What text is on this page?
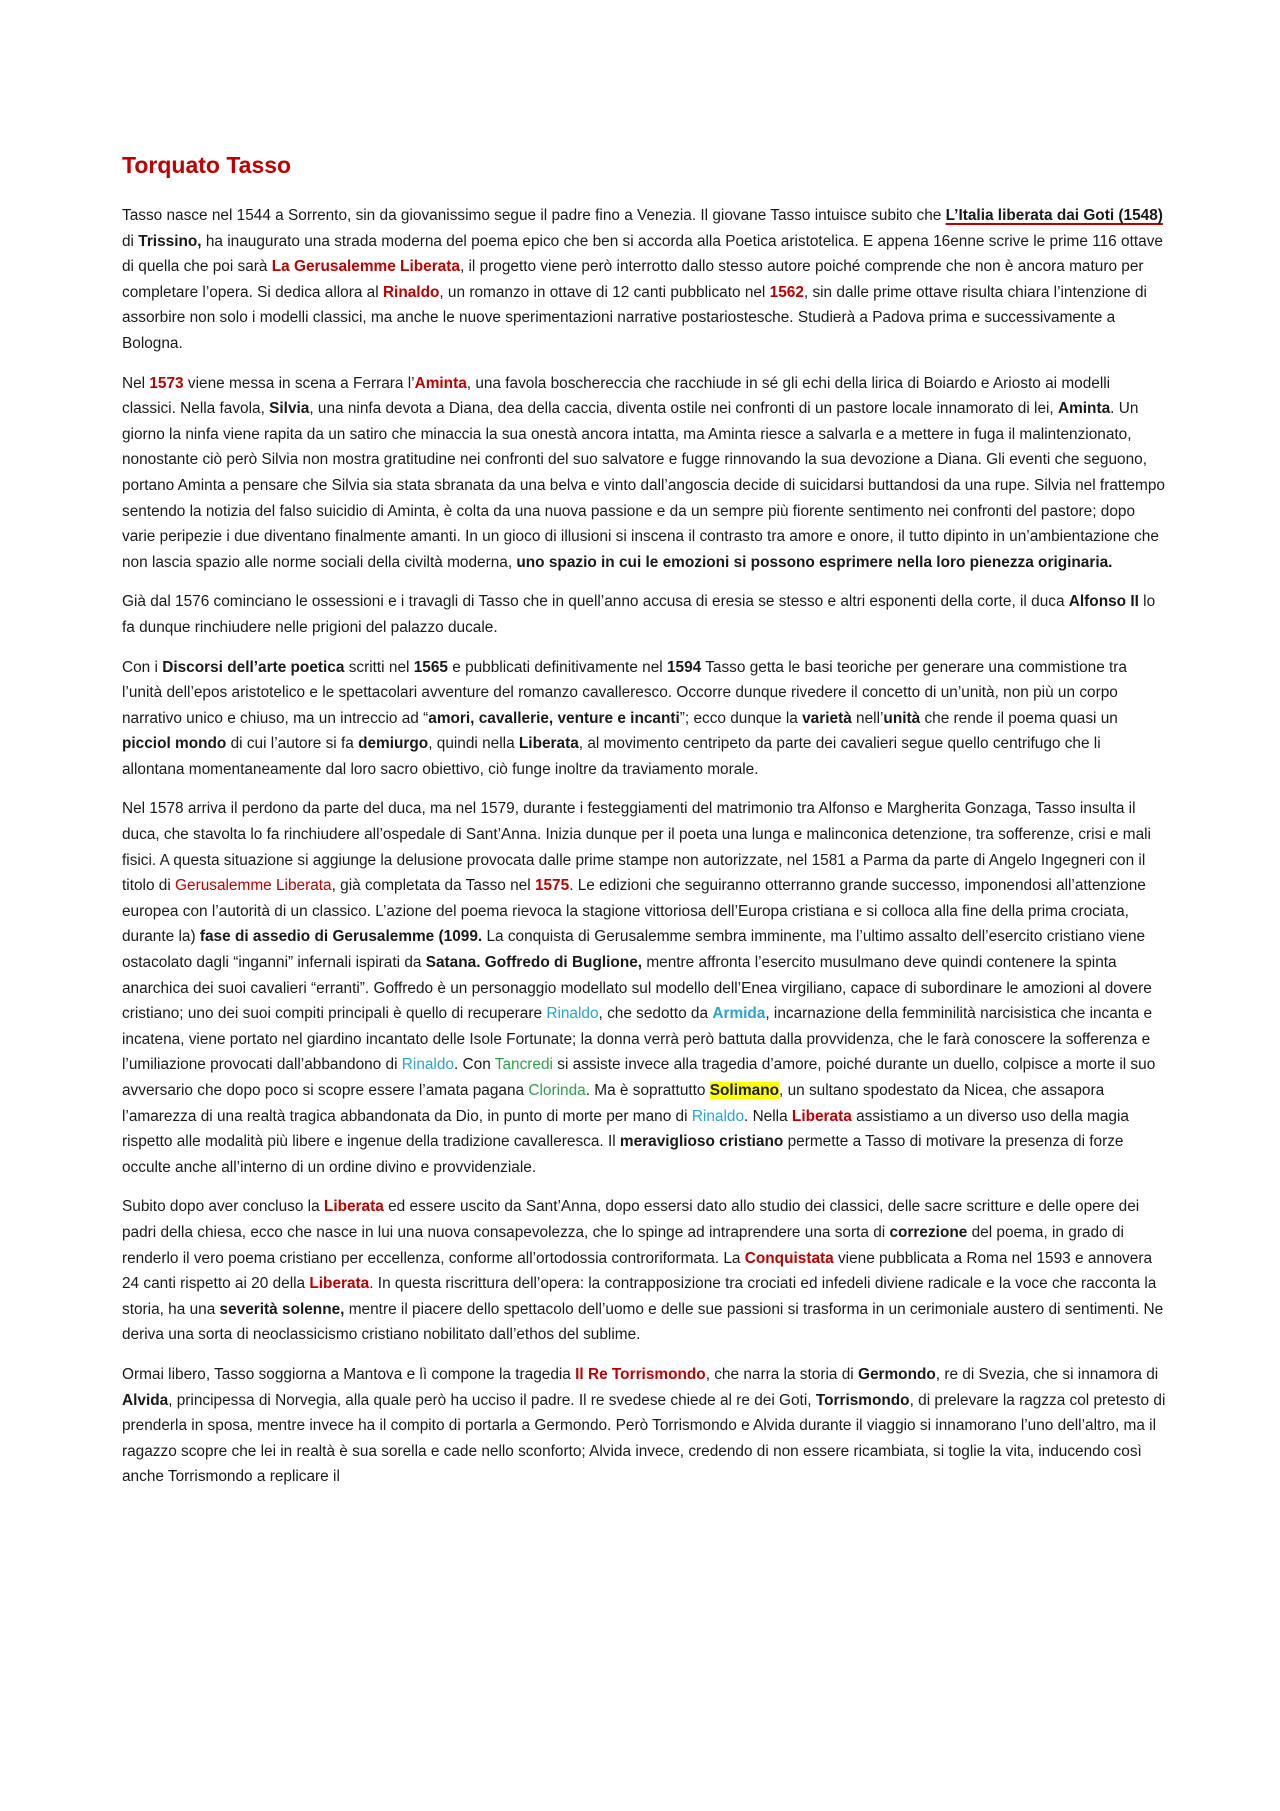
Torquato Tasso

Tasso nasce nel 1544 a Sorrento, sin da giovanissimo segue il padre fino a Venezia. Il giovane Tasso intuisce subito che L’Italia liberata dai Goti (1548) di Trissino, ha inaugurato una strada moderna del poema epico che ben si accorda alla Poetica aristotelica. E appena 16enne scrive le prime 116 ottave di quella che poi sarà La Gerusalemme Liberata, il progetto viene però interrotto dallo stesso autore poiché comprende che non è ancora maturo per completare l’opera. Si dedica allora al Rinaldo, un romanzo in ottave di 12 canti pubblicato nel 1562, sin dalle prime ottave risulta chiara l’intenzione di assorbire non solo i modelli classici, ma anche le nuove sperimentazioni narrative postariostesche. Studierà a Padova prima e successivamente a Bologna.

Nel 1573 viene messa in scena a Ferrara l’Aminta, una favola boschereccia che racchiude in sé gli echi della lirica di Boiardo e Ariosto ai modelli classici. Nella favola, Silvia, una ninfa devota a Diana, dea della caccia, diventa ostile nei confronti di un pastore locale innamorato di lei, Aminta. Un giorno la ninfa viene rapita da un satiro che minaccia la sua onestà ancora intatta, ma Aminta riesce a salvarla e a mettere in fuga il malintenzionato, nonostante ciò però Silvia non mostra gratitudine nei confronti del suo salvatore e fugge rinnovando la sua devozione a Diana. Gli eventi che seguono, portano Aminta a pensare che Silvia sia stata sbranata da una belva e vinto dall’angoscia decide di suicidarsi buttandosi da una rupe. Silvia nel frattempo sentendo la notizia del falso suicidio di Aminta, è colta da una nuova passione e da un sempre più fiorente sentimento nei confronti del pastore; dopo varie peripezie i due diventano finalmente amanti. In un gioco di illusioni si inscena il contrasto tra amore e onore, il tutto dipinto in un’ambientazione che non lascia spazio alle norme sociali della civiltà moderna, uno spazio in cui le emozioni si possono esprimere nella loro pienezza originaria.

Già dal 1576 cominciano le ossessioni e i travagli di Tasso che in quell’anno accusa di eresia se stesso e altri esponenti della corte, il duca Alfonso II lo fa dunque rinchiudere nelle prigioni del palazzo ducale.

Con i Discorsi dell’arte poetica scritti nel 1565 e pubblicati definitivamente nel 1594 Tasso getta le basi teoriche per generare una commistione tra l’unità dell’epos aristotelico e le spettacolari avventure del romanzo cavalleresco. Occorre dunque rivedere il concetto di un’unità, non più un corpo narrativo unico e chiuso, ma un intreccio ad “amori, cavallerie, venture e incanti”; ecco dunque la varietà nell’unità che rende il poema quasi un picciol mondo di cui l’autore si fa demiurgo, quindi nella Liberata, al movimento centripeto da parte dei cavalieri segue quello centrifugo che li allontana momentaneamente dal loro sacro obiettivo, ciò funge inoltre da traviamento morale.

Nel 1578 arriva il perdono da parte del duca, ma nel 1579, durante i festeggiamenti del matrimonio tra Alfonso e Margherita Gonzaga, Tasso insulta il duca, che stavolta lo fa rinchiudere all’ospedale di Sant’Anna. Inizia dunque per il poeta una lunga e malinconica detenzione, tra sofferenze, crisi e mali fisici. A questa situazione si aggiunge la delusione provocata dalle prime stampe non autorizzate, nel 1581 a Parma da parte di Angelo Ingegneri con il titolo di Gerusalemme Liberata, già completata da Tasso nel 1575. Le edizioni che seguiranno otterranno grande successo, imponendosi all’attenzione europea con l’autorità di un classico. L’azione del poema rievoca la stagione vittoriosa dell’Europa cristiana e si colloca alla fine della prima crociata, durante la) fase di assedio di Gerusalemme (1099. La conquista di Gerusalemme sembra imminente, ma l’ultimo assalto dell’esercito cristiano viene ostacolato dagli “inganni” infernali ispirati da Satana. Goffredo di Buglione, mentre affronta l’esercito musulmano deve quindi contenere la spinta anarchica dei suoi cavalieri “erranti”. Goffredo è un personaggio modellato sul modello dell’Enea virgiliano, capace di subordinare le amozioni al dovere cristiano; uno dei suoi compiti principali è quello di recuperare Rinaldo, che sedotto da Armida, incarnazione della femminilità narcisistica che incanta e incatena, viene portato nel giardino incantato delle Isole Fortunate; la donna verrà però battuta dalla provvidenza, che le farà conoscere la sofferenza e l’umiliazione provocati dall’abbandono di Rinaldo. Con Tancredi si assiste invece alla tragedia d’amore, poiché durante un duello, colpisce a morte il suo avversario che dopo poco si scopre essere l’amata pagana Clorinda. Ma è soprattutto Solimano, un sultano spodestato da Nicea, che assapora l’amarezza di una realtà tragica abbandonata da Dio, in punto di morte per mano di Rinaldo. Nella Liberata assistiamo a un diverso uso della magia rispetto alle modalità più libere e ingenue della tradizione cavalleresca. Il meraviglioso cristiano permette a Tasso di motivare la presenza di forze occulte anche all’interno di un ordine divino e provvidenziale.

Subito dopo aver concluso la Liberata ed essere uscito da Sant’Anna, dopo essersi dato allo studio dei classici, delle sacre scritture e delle opere dei padri della chiesa, ecco che nasce in lui una nuova consapevolezza, che lo spinge ad intraprendere una sorta di correzione del poema, in grado di renderlo il vero poema cristiano per eccellenza, conforme all’ortodossia controriformata. La Conquistata viene pubblicata a Roma nel 1593 e annovera 24 canti rispetto ai 20 della Liberata. In questa riscrittura dell’opera: la contrapposizione tra crociati ed infedeli diviene radicale e la voce che racconta la storia, ha una severità solenne, mentre il piacere dello spettacolo dell’uomo e delle sue passioni si trasforma in un cerimoniale austero di sentimenti. Ne deriva una sorta di neoclassicismo cristiano nobilitato dall’ethos del sublime.

Ormai libero, Tasso soggiorna a Mantova e lì compone la tragedia Il Re Torrismondo, che narra la storia di Germondo, re di Svezia, che si innamora di Alvida, principessa di Norvegia, alla quale però ha ucciso il padre. Il re svedese chiede al re dei Goti, Torrismondo, di prelevare la ragzza col pretesto di prenderla in sposa, mentre invece ha il compito di portarla a Germondo. Però Torrismondo e Alvida durante il viaggio si innamorano l’uno dell’altro, ma il ragazzo scopre che lei in realtà è sua sorella e cade nello sconforto; Alvida invece, credendo di non essere ricambiata, si toglie la vita, inducendo così anche Torrismondo a replicare il
